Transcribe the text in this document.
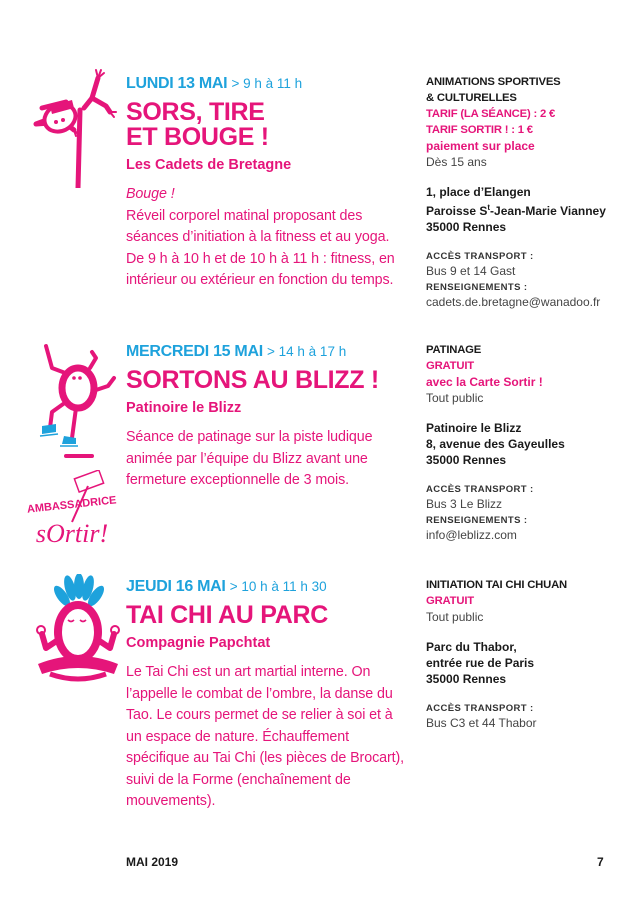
LUNDI 13 MAI > 9 h à 11 h
SORS, TIRE
ET BOUGE !
Les Cadets de Bretagne
Bouge !
Réveil corporel matinal proposant des séances d’initiation à la fitness et au yoga. De 9 h à 10 h et de 10 h à 11 h : fitness, en intérieur ou extérieur en fonction du temps.
ANIMATIONS SPORTIVES
& CULTURELLES
TARIF (LA SÉANCE) : 2 €
TARIF SORTIR ! : 1 €
paiement sur place
Dès 15 ans
1, place d’Elangen
Paroisse $S^t-Jean$-Marie Vianney
35000 Rennes
ACCÈS TRANSPORT :
Bus 9 et 14 Gast
RENSEIGNEMENTS :
cadets.de.bretagne@wanadoo.fr
AMBASSADRICE
sOrtir!
MERCREDI 15 MAI > 14 h à 17 h
SORTONS AU BLIZZ !
Patinoire le Blizz
Séance de patinage sur la piste ludique animée par l’équipe du Blizz avant une fermeture exceptionnelle de 3 mois.
PATINAGE
GRATUIT
avec la Carte Sortir !
Tout public
Patinoire le Blizz
8, avenue des Gayeulles
35000 Rennes
ACCÈS TRANSPORT :
Bus 3 Le Blizz
RENSEIGNEMENTS :
info@leblizz.com
JEUDI 16 MAI > 10 h à 11 h 30
TAI CHI AU PARC
Compagnie Papchtat
Le Tai Chi est un art martial interne. On l’appelle le combat de l’ombre, la danse du Tao. Le cours permet de se relier à soi et à un espace de nature. Échauffement spécifique au Tai Chi (les pièces de Brocart), suivi de la Forme (enchaînement de mouvements).
INITIATION TAI CHI CHUAN
GRATUIT
Tout public
Parc du Thabor,
entrée rue de Paris
35000 Rennes
ACCÈS TRANSPORT :
Bus C3 et 44 Thabor
MAI 2019	7
